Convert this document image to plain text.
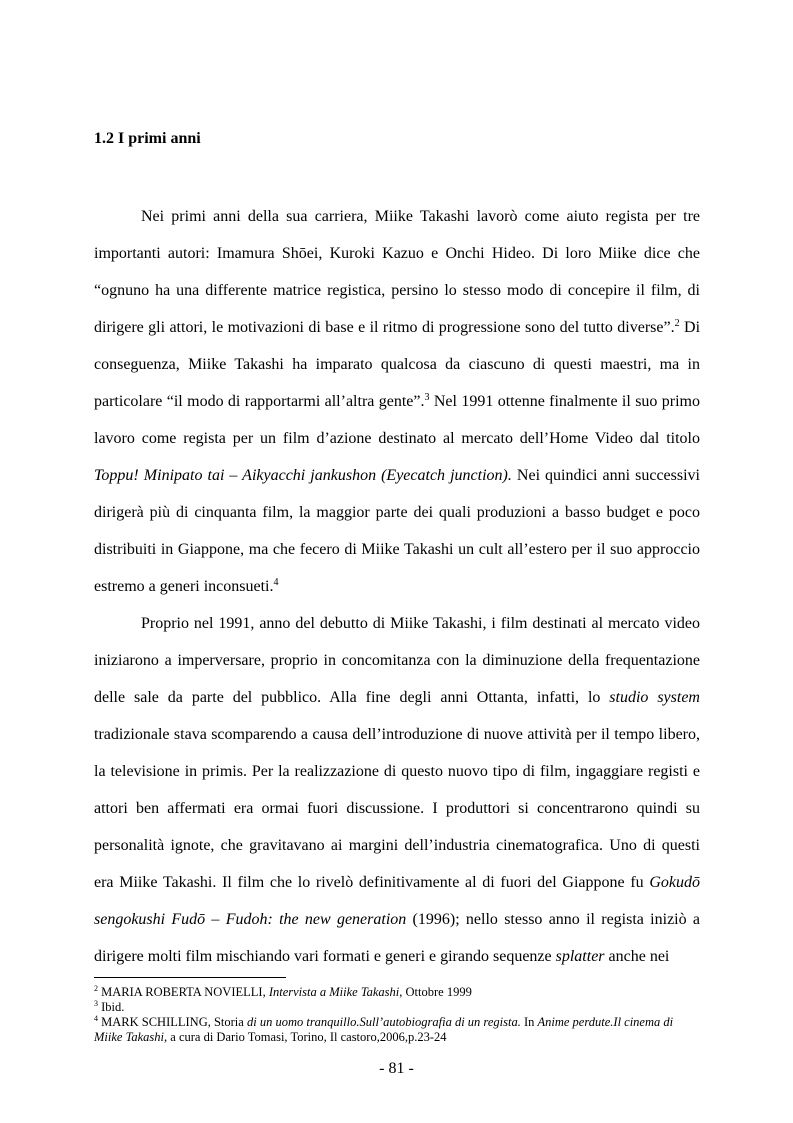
1.2 I primi anni

Nei primi anni della sua carriera, Miike Takashi lavorò come aiuto regista per tre importanti autori: Imamura Shōei, Kuroki Kazuo e Onchi Hideo. Di loro Miike dice che “ognuno ha una differente matrice registica, persino lo stesso modo di concepire il film, di dirigere gli attori, le motivazioni di base e il ritmo di progressione sono del tutto diverse”.$^2$ Di conseguenza, Miike Takashi ha imparato qualcosa da ciascuno di questi maestri, ma in particolare “il modo di rapportarmi all’altra gente”.$^3$ Nel 1991 ottenne finalmente il suo primo lavoro come regista per un film d’azione destinato al mercato dell’Home Video dal titolo Toppu! Minipato tai – Aikyacchi jankushon (Eyecatch junction). Nei quindici anni successivi dirigerà più di cinquanta film, la maggior parte dei quali produzioni a basso budget e poco distribuiti in Giappone, ma che fecero di Miike Takashi un cult all’estero per il suo approccio estremo a generi inconsueti.$^4$

Proprio nel 1991, anno del debutto di Miike Takashi, i film destinati al mercato video iniziarono a imperversare, proprio in concomitanza con la diminuzione della frequentazione delle sale da parte del pubblico. Alla fine degli anni Ottanta, infatti, lo studio system tradizionale stava scomparendo a causa dell’introduzione di nuove attività per il tempo libero, la televisione in primis. Per la realizzazione di questo nuovo tipo di film, ingaggiare registi e attori ben affermati era ormai fuori discussione. I produttori si concentrarono quindi su personalità ignote, che gravitavano ai margini dell’industria cinematografica. Uno di questi era Miike Takashi. Il film che lo rivelò definitivamente al di fuori del Giappone fu Gokudō sengokushi Fudō – Fudoh: the new generation (1996); nello stesso anno il regista iniziò a dirigere molti film mischiando vari formati e generi e girando sequenze splatter anche nei

$^2$ MARIA ROBERTA NOVIELLI, Intervista a Miike Takashi, Ottobre 1999

$^3$ Ibid.

$^4$ MARK SCHILLING, Storia di un uomo tranquillo.Sull’autobiografia di un regista. In Anime perdute.Il cinema di Miike Takashi, a cura di Dario Tomasi, Torino, Il castoro,2006,p.23-24

- 81 -
